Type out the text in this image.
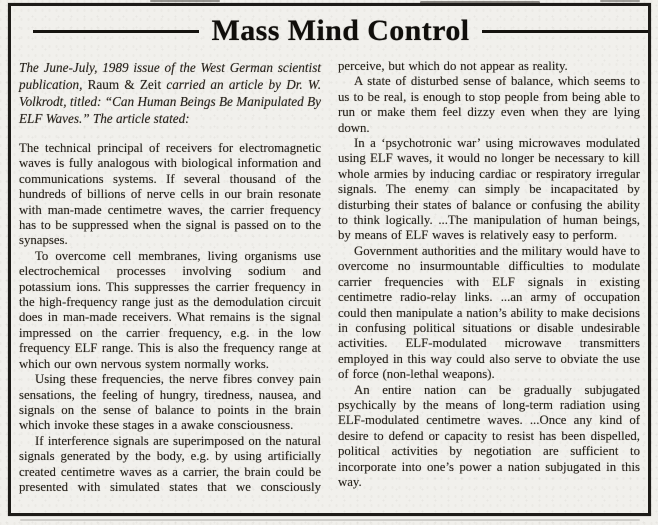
Mass Mind Control

The June-July, 1989 issue of the West German scientist publication, Raum & Zeit carried an article by Dr. W. Volkrodt, titled: “Can Human Beings Be Manipulated By ELF Waves.” The article stated:

The technical principal of receivers for electromagnetic waves is fully analogous with biological information and communications systems. If several thousand of the hundreds of billions of nerve cells in our brain resonate with man-made centimetre waves, the carrier frequency has to be suppressed when the signal is passed on to the synapses.

To overcome cell membranes, living organisms use electrochemical processes involving sodium and potassium ions. This suppresses the carrier frequency in the high-frequency range just as the demodulation circuit does in man-made receivers. What remains is the signal impressed on the carrier frequency, e.g. in the low frequency ELF range. This is also the frequency range at which our own nervous system normally works.

Using these frequencies, the nerve fibres convey pain sensations, the feeling of hungry, tiredness, nausea, and signals on the sense of balance to points in the brain which invoke these stages in a awake consciousness.

If interference signals are superimposed on the natural signals generated by the body, e.g. by using artificially created centimetre waves as a carrier, the brain could be presented with simulated states that we consciously

perceive, but which do not appear as reality.

A state of disturbed sense of balance, which seems to us to be real, is enough to stop people from being able to run or make them feel dizzy even when they are lying down.

In a ‘psychotronic war’ using microwaves modulated using ELF waves, it would no longer be necessary to kill whole armies by inducing cardiac or respiratory irregular signals. The enemy can simply be incapacitated by disturbing their states of balance or confusing the ability to think logically. ...The manipulation of human beings, by means of ELF waves is relatively easy to perform.

Government authorities and the military would have to overcome no insurmountable difficulties to modulate carrier frequencies with ELF signals in existing centimetre radio-relay links. ...an army of occupation could then manipulate a nation’s ability to make decisions in confusing political situations or disable undesirable activities. ELF-modulated microwave transmitters employed in this way could also serve to obviate the use of force (non-lethal weapons).

An entire nation can be gradually subjugated psychically by the means of long-term radiation using ELF-modulated centimetre waves. ...Once any kind of desire to defend or capacity to resist has been dispelled, political activities by negotiation are sufficient to incorporate into one’s power a nation subjugated in this way.
